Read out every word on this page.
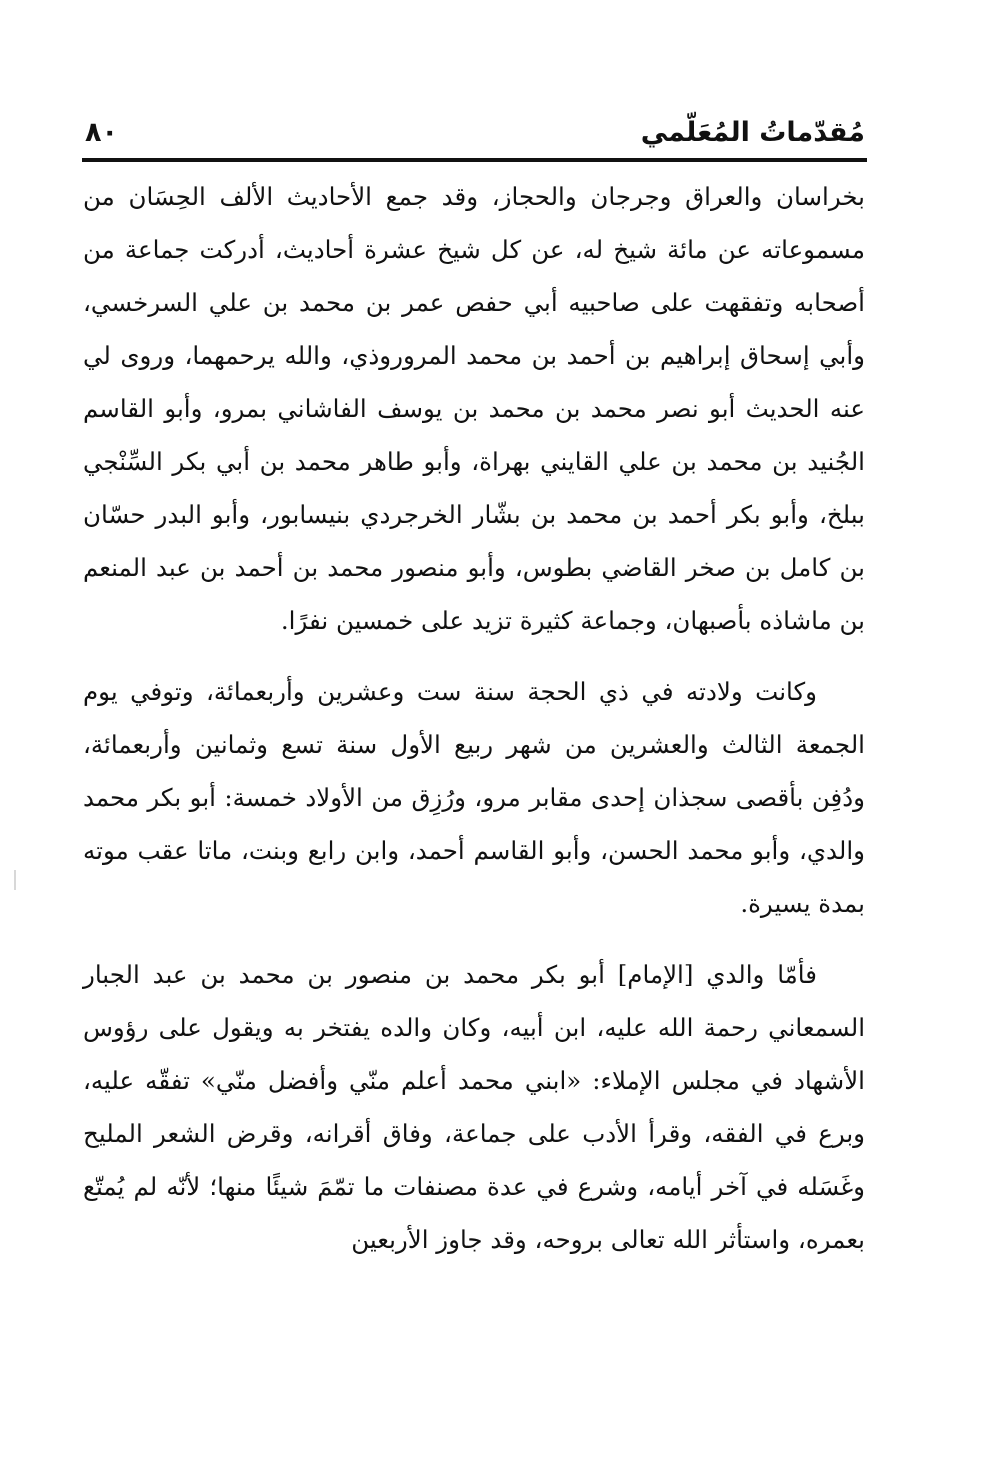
مُقدّماتُ المُعَلّمي
٨٠

بخراسان والعراق وجرجان والحجاز، وقد جمع الأحاديث الألف الحِسَان من مسموعاته عن مائة شيخ له، عن كل شيخ عشرة أحاديث، أدركت جماعة من أصحابه وتفقهت على صاحبيه أبي حفص عمر بن محمد بن علي السرخسي، وأبي إسحاق إبراهيم بن أحمد بن محمد المروروذي، والله يرحمهما، وروى لي عنه الحديث أبو نصر محمد بن محمد بن يوسف الفاشاني بمرو، وأبو القاسم الجُنيد بن محمد بن علي القايني بهراة، وأبو طاهر محمد بن أبي بكر السِّنْجي ببلخ، وأبو بكر أحمد بن محمد بن بشّار الخرجردي بنيسابور، وأبو البدر حسّان بن كامل بن صخر القاضي بطوس، وأبو منصور محمد بن أحمد بن عبد المنعم بن ماشاذه بأصبهان، وجماعة كثيرة تزيد على خمسين نفرًا.

وكانت ولادته في ذي الحجة سنة ست وعشرين وأربعمائة، وتوفي يوم الجمعة الثالث والعشرين من شهر ربيع الأول سنة تسع وثمانين وأربعمائة، ودُفِن بأقصى سجذان إحدى مقابر مرو، ورُزِق من الأولاد خمسة: أبو بكر محمد والدي، وأبو محمد الحسن، وأبو القاسم أحمد، وابن رابع وبنت، ماتا عقب موته بمدة يسيرة.

فأمّا والدي [الإمام] أبو بكر محمد بن منصور بن محمد بن عبد الجبار السمعاني رحمة الله عليه، ابن أبيه، وكان والده يفتخر به ويقول على رؤوس الأشهاد في مجلس الإملاء: «ابني محمد أعلم منّي وأفضل منّي» تفقّه عليه، وبرع في الفقه، وقرأ الأدب على جماعة، وفاق أقرانه، وقرض الشعر المليح وغَسَله في آخر أيامه، وشرع في عدة مصنفات ما تمّمَ شيئًا منها؛ لأنّه لم يُمتّع بعمره، واستأثر الله تعالى بروحه، وقد جاوز الأربعين
